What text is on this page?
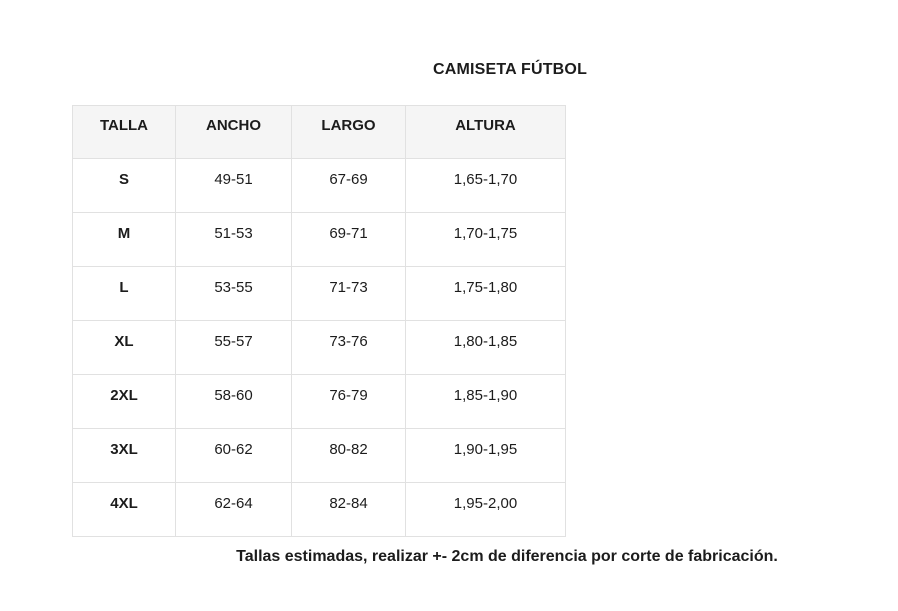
CAMISETA FÚTBOL
TALLA	ANCHO	LARGO	ALTURA
S	49-51	67-69	1,65-1,70
M	51-53	69-71	1,70-1,75
L	53-55	71-73	1,75-1,80
XL	55-57	73-76	1,80-1,85
2XL	58-60	76-79	1,85-1,90
3XL	60-62	80-82	1,90-1,95
4XL	62-64	82-84	1,95-2,00
Tallas estimadas, realizar +- 2cm de diferencia por corte de fabricación.
